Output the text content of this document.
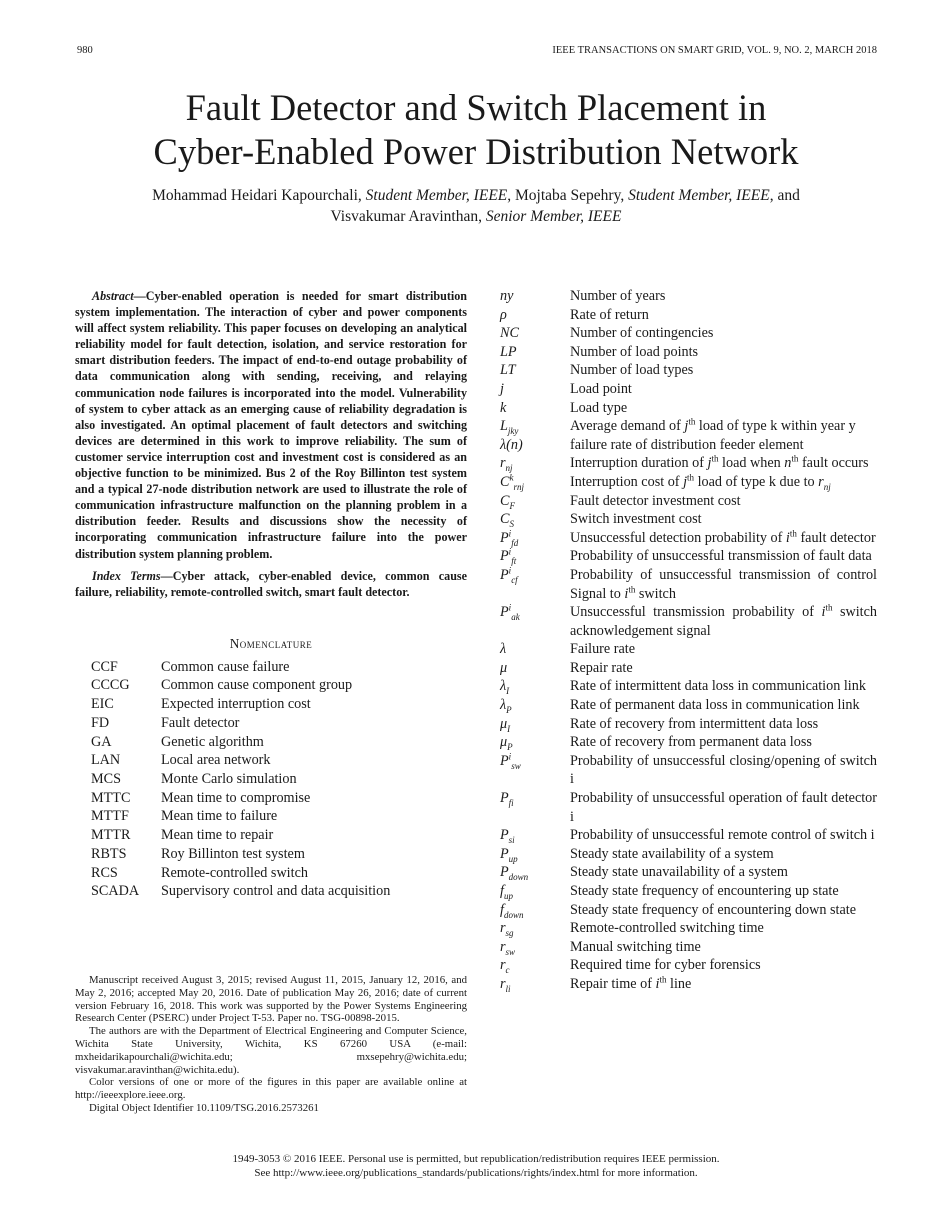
980	IEEE TRANSACTIONS ON SMART GRID, VOL. 9, NO. 2, MARCH 2018
Fault Detector and Switch Placement in
Cyber-Enabled Power Distribution Network
Mohammad Heidari Kapourchali, Student Member, IEEE, Mojtaba Sepehry, Student Member, IEEE, and
Visvakumar Aravinthan, Senior Member, IEEE

Abstract—Cyber-enabled operation is needed for smart distribution system implementation. The interaction of cyber and power components will affect system reliability. This paper focuses on developing an analytical reliability model for fault detection, isolation, and service restoration for smart distribution feeders. The impact of end-to-end outage probability of data communication along with sending, receiving, and relaying communication node failures is incorporated into the model. Vulnerability of system to cyber attack as an emerging cause of reliability degradation is also investigated. An optimal placement of fault detectors and switching devices are determined in this work to improve reliability. The sum of customer service interruption cost and investment cost is considered as an objective function to be minimized. Bus 2 of the Roy Billinton test system and a typical 27-node distribution network are used to illustrate the role of communication infrastructure malfunction on the planning problem in a distribution feeder. Results and discussions show the necessity of incorporating communication infrastructure failure into the power distribution system planning problem.

Index Terms—Cyber attack, cyber-enabled device, common cause failure, reliability, remote-controlled switch, smart fault detector.

Nomenclature
CCF	Common cause failure
CCCG	Common cause component group
EIC	Expected interruption cost
FD	Fault detector
GA	Genetic algorithm
LAN	Local area network
MCS	Monte Carlo simulation
MTTC	Mean time to compromise
MTTF	Mean time to failure
MTTR	Mean time to repair
RBTS	Roy Billinton test system
RCS	Remote-controlled switch
SCADA	Supervisory control and data acquisition

Manuscript received August 3, 2015; revised August 11, 2015, January 12, 2016, and May 2, 2016; accepted May 20, 2016. Date of publication May 26, 2016; date of current version February 16, 2018. This work was supported by the Power Systems Engineering Research Center (PSERC) under Project T-53. Paper no. TSG-00898-2015.

The authors are with the Department of Electrical Engineering and Computer Science, Wichita State University, Wichita, KS 67260 USA (e-mail: mxheidarikapourchali@wichita.edu; mxsepehry@wichita.edu; visvakumar.aravinthan@wichita.edu).

Color versions of one or more of the figures in this paper are available online at http://ieeexplore.ieee.org.

Digital Object Identifier 10.1109/TSG.2016.2573261

ny	Number of years
ρ	Rate of return
NC	Number of contingencies
LP	Number of load points
LT	Number of load types
j	Load point
k	Load type
$L_{jky}$	Average demand of $j^{th}$ load of type k within year y
λ(n)	failure rate of distribution feeder element
$r_{nj}$	Interruption duration of $j^{th}$ load when $n^{th}$ fault occurs
$C^k_{rnj}$	Interruption cost of $j^{th}$ load of type k due to $r_{nj}$
$C_F$	Fault detector investment cost
$C_S$	Switch investment cost
$P^i_{fd}$	Unsuccessful detection probability of $i^{th}$ fault detector
$P^i_{ft}$	Probability of unsuccessful transmission of fault data
$P^i_{cf}$	Probability of unsuccessful transmission of control Signal to $i^{th}$ switch
$P^i_{ak}$	Unsuccessful transmission probability of $i^{th}$ switch acknowledgement signal
λ	Failure rate
μ	Repair rate
$\lambda_I$	Rate of intermittent data loss in communication link
$\lambda_P$	Rate of permanent data loss in communication link
$\mu_I$	Rate of recovery from intermittent data loss
$\mu_P$	Rate of recovery from permanent data loss
$P^i_{sw}$	Probability of unsuccessful closing/opening of switch i
$P_{fi}$	Probability of unsuccessful operation of fault detector i
$P_{si}$	Probability of unsuccessful remote control of switch i
$P_{up}$	Steady state availability of a system
$P_{down}$	Steady state unavailability of a system
$f_{up}$	Steady state frequency of encountering up state
$f_{down}$	Steady state frequency of encountering down state
$r_{sg}$	Remote-controlled switching time
$r_{sw}$	Manual switching time
$r_c$	Required time for cyber forensics
$r_{li}$	Repair time of $i^{th}$ line
1949-3053 © 2016 IEEE. Personal use is permitted, but republication/redistribution requires IEEE permission.
See http://www.ieee.org/publications_standards/publications/rights/index.html for more information.
